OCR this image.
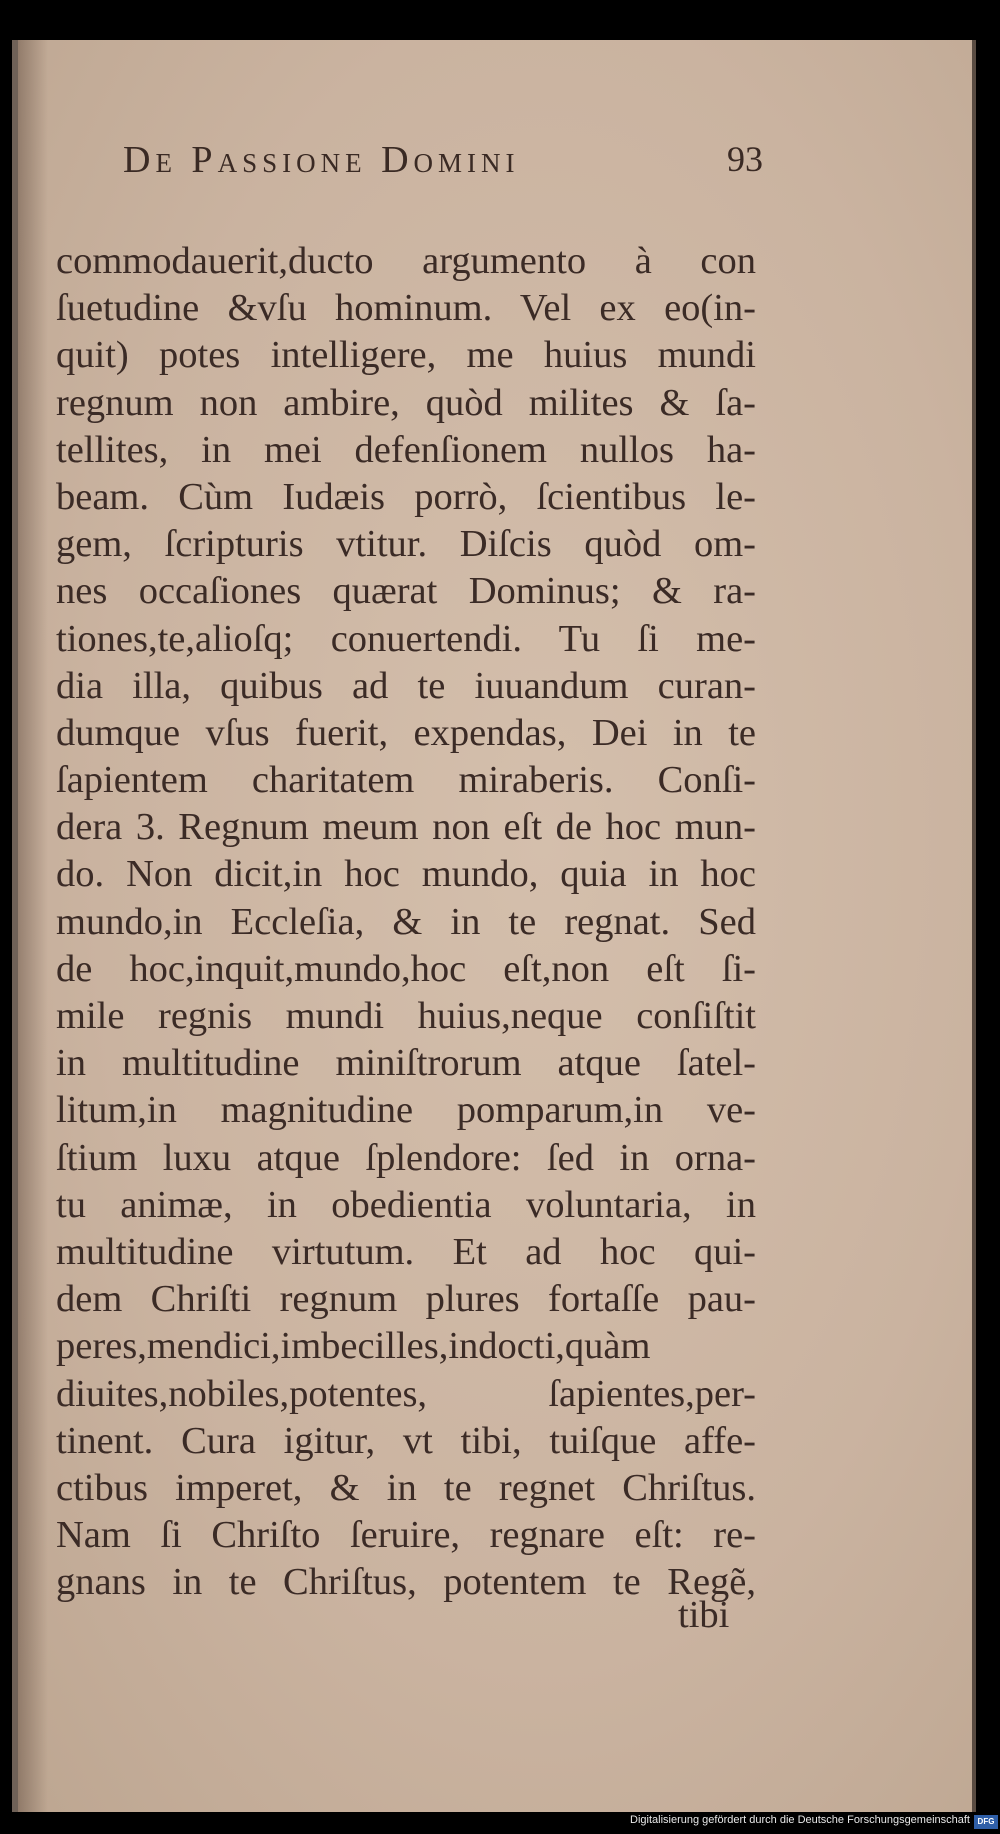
De Passione Domini	93
commodauerit,ducto argumento à con
ſuetudine &vſu hominum. Vel ex eo(in-
quit) potes intelligere, me huius mundi
regnum non ambire, quòd milites & ſa-
tellites, in mei defenſionem nullos ha-
beam. Cùm Iudæis porrò, ſcientibus le-
gem, ſcripturis vtitur. Diſcis quòd om-
nes occaſiones quærat Dominus; & ra-
tiones,te,alioſq; conuertendi. Tu ſi me-
dia illa, quibus ad te iuuandum curan-
dumque vſus fuerit, expendas, Dei in te
ſapientem charitatem miraberis. Conſi-
dera 3. Regnum meum non eſt de hoc mun-
do. Non dicit,in hoc mundo, quia in hoc
mundo,in Eccleſia, & in te regnat. Sed
de hoc,inquit,mundo,hoc eſt,non eſt ſi-
mile regnis mundi huius,neque conſiſtit
in multitudine miniſtrorum atque ſatel-
litum,in magnitudine pomparum,in ve-
ſtium luxu atque ſplendore: ſed in orna-
tu animæ, in obedientia voluntaria, in
multitudine virtutum. Et ad hoc qui-
dem Chriſti regnum plures fortaſſe pau-
peres,mendici,imbecilles,indocti,quàm
diuites,nobiles,potentes, ſapientes,per-
tinent. Cura igitur, vt tibi, tuiſque affe-
ctibus imperet, & in te regnet Chriſtus.
Nam ſi Chriſto ſeruire, regnare eſt: re-
gnans in te Chriſtus, potentem te Regẽ,
tibi
Digitalisierung gefördert durch die Deutsche Forschungsgemeinschaft DFG
